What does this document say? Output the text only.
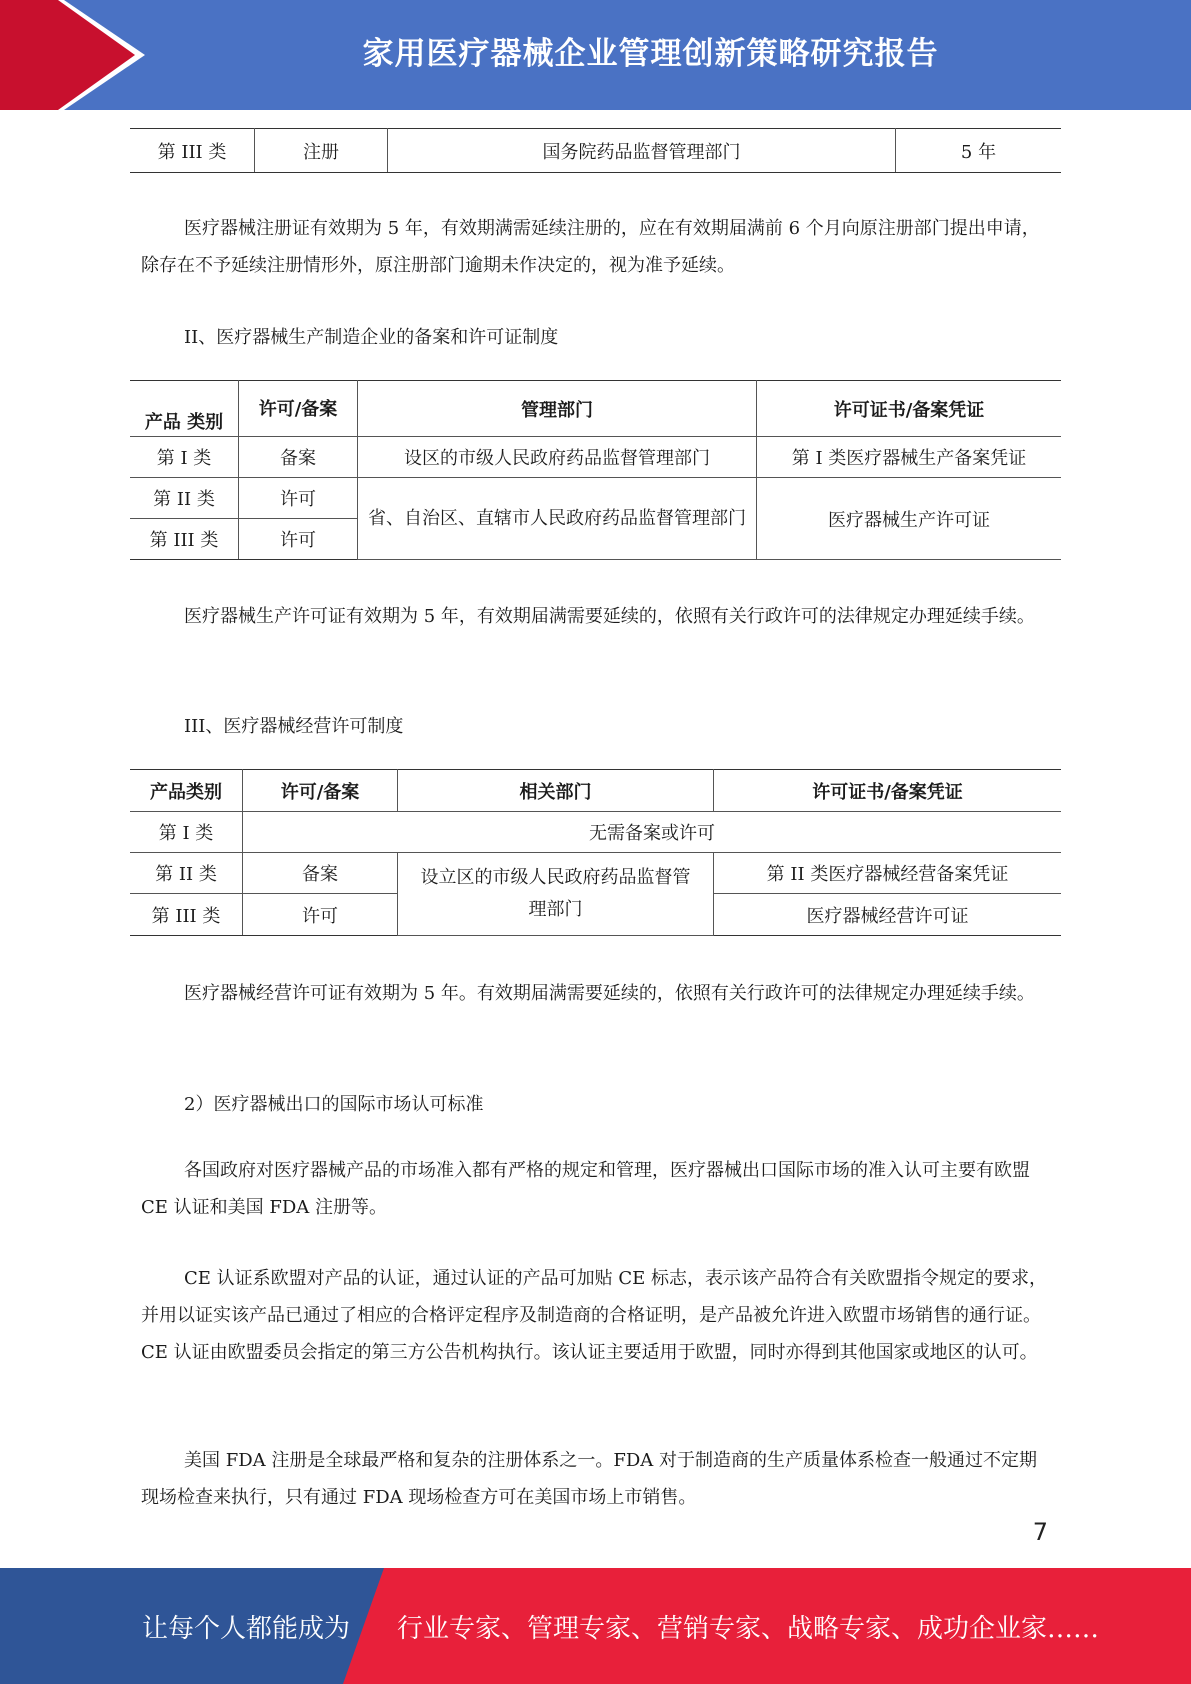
家用医疗器械企业管理创新策略研究报告
第 III 类	注册	国务院药品监督管理部门	5 年

医疗器械注册证有效期为 5 年，有效期满需延续注册的，应在有效期届满前 6 个月向原注册部门提出申请，除存在不予延续注册情形外，原注册部门逾期未作决定的，视为准予延续。

II、医疗器械生产制造企业的备案和许可证制度

产品 类别	许可/备案	管理部门	许可证书/备案凭证
第 I 类	备案	设区的市级人民政府药品监督管理部门	第 I 类医疗器械生产备案凭证
第 II 类	许可	省、自治区、直辖市人民政府药品监督管理部门	医疗器械生产许可证
第 III 类	许可		

医疗器械生产许可证有效期为 5 年，有效期届满需要延续的，依照有关行政许可的法律规定办理延续手续。

III、医疗器械经营许可制度

产品类别	许可/备案	相关部门	许可证书/备案凭证
第 I 类	无需备案或许可		
第 II 类	备案	设立区的市级人民政府药品监督管理部门	第 II 类医疗器械经营备案凭证
第 III 类	许可		医疗器械经营许可证

医疗器械经营许可证有效期为 5 年。有效期届满需要延续的，依照有关行政许可的法律规定办理延续手续。

2）医疗器械出口的国际市场认可标准

各国政府对医疗器械产品的市场准入都有严格的规定和管理，医疗器械出口国际市场的准入认可主要有欧盟 CE 认证和美国 FDA 注册等。

CE 认证系欧盟对产品的认证，通过认证的产品可加贴 CE 标志，表示该产品符合有关欧盟指令规定的要求，并用以证实该产品已通过了相应的合格评定程序及制造商的合格证明，是产品被允许进入欧盟市场销售的通行证。CE 认证由欧盟委员会指定的第三方公告机构执行。该认证主要适用于欧盟，同时亦得到其他国家或地区的认可。

美国 FDA 注册是全球最严格和复杂的注册体系之一。FDA 对于制造商的生产质量体系检查一般通过不定期现场检查来执行，只有通过 FDA 现场检查方可在美国市场上市销售。

7
让每个人都能成为 行业专家、管理专家、营销专家、战略专家、成功企业家……
